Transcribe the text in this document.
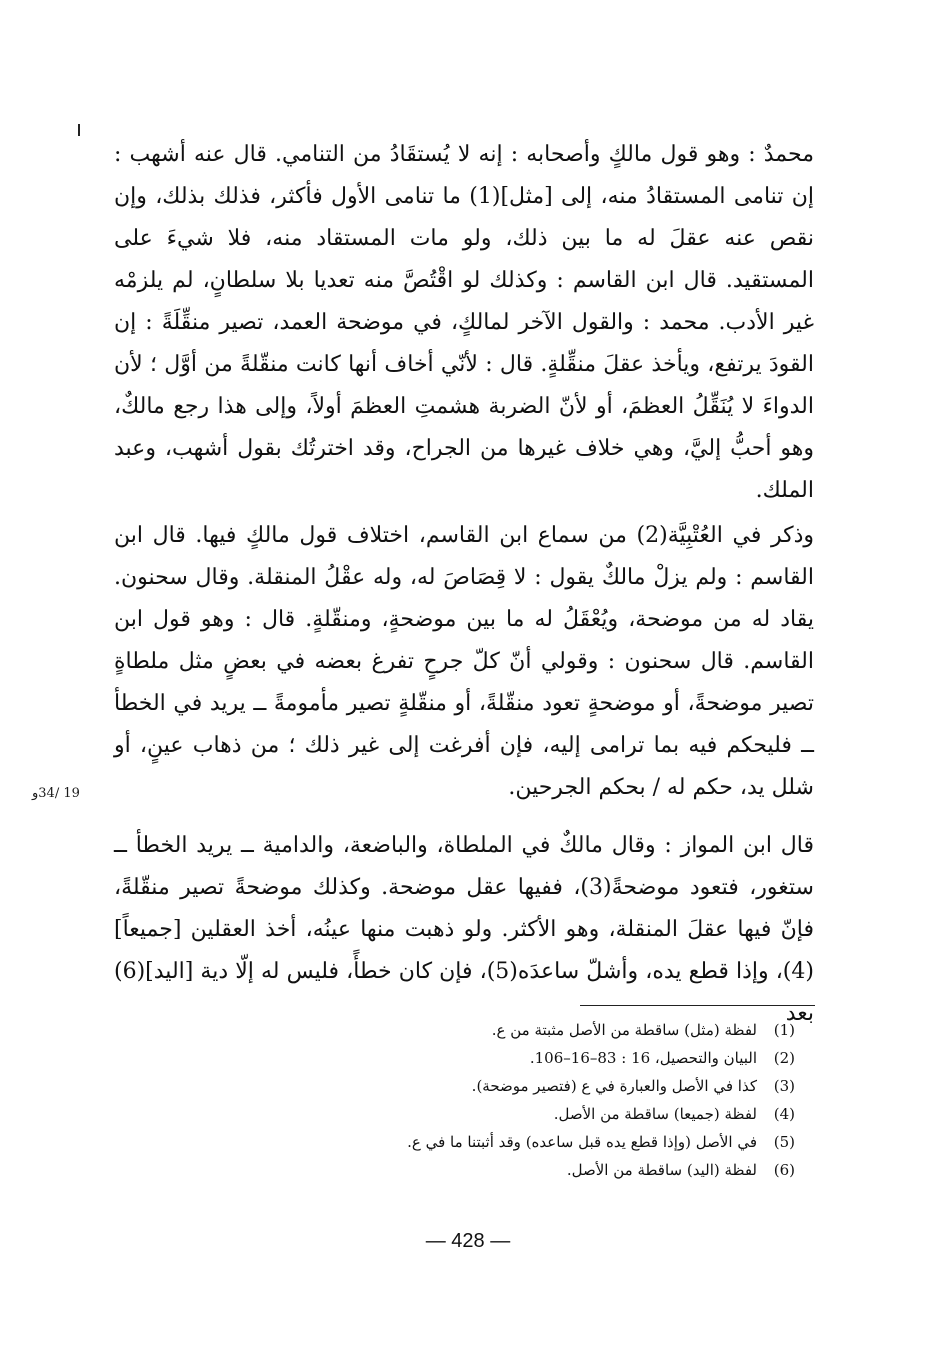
محمدٌ : وهو قول مالكٍ وأصحابه : إنه لا يُستقَادُ من التنامي. قال عنه أشهب : إن تنامى المستقادُ منه، إلى [مثل](1) ما تنامى الأول فأكثر، فذلك بذلك، وإن نقص عنه عقلَ له ما بين ذلك، ولو مات المستقاد منه، فلا شيءَ على المستقيد. قال ابن القاسم : وكذلك لو اقْتُصَّ منه تعديا بلا سلطانٍ، لم يلزمْه غير الأدب. محمد : والقول الآخر لمالكٍ، في موضحة العمد، تصير منقِّلَةً : إن القودَ يرتفع، ويأخذ عقلَ منقِّلةٍ. قال : لأنّي أخاف أنها كانت منقّلةً من أوَّل ؛ لأن الدواءَ لا يُنَقِّلُ العظمَ، أو لأنّ الضربة هشمتِ العظمَ أولاً، وإلى هذا رجع مالكٌ، وهو أحبُّ إليَّ، وهي خلاف غيرها من الجراح، وقد اخترتُك بقول أشهب، وعبد الملك.

وذكر في العُتْبِيَّة(2) من سماع ابن القاسم، اختلاف قول مالكٍ فيها. قال ابن القاسم : ولم يزلْ مالكٌ يقول : لا قِصَاصَ له، وله عقْلُ المنقلة. وقال سحنون. يقاد له من موضحة، ويُعْقَلُ له ما بين موضحةٍ، ومنقّلةٍ. قال : وهو قول ابن القاسم. قال سحنون : وقولي أنّ كلّ جرحٍ تفرغ بعضه في بعضٍ مثل ملطاةٍ تصير موضحةً، أو موضحةٍ تعود منقّلةً، أو منقّلةٍ تصير مأمومةً ــ يريد في الخطأ ــ فليحكم فيه بما ترامى إليه، فإن أفرغت إلى غير ذلك ؛ من ذهاب عينٍ، أو شلل يد، حكم له / بحكم الجرحين.

19 /34و

قال ابن المواز : وقال مالكٌ في الملطاة، والباضعة، والدامية ــ يريد الخطأ ــ ستغور، فتعود موضحةً(3)، ففيها عقل موضحة. وكذلك موضحةً تصير منقّلةً، فإنّ فيها عقلَ المنقلة، وهو الأكثر. ولو ذهبت منها عينُه، أخذ العقلين [جميعاً](4)، وإذا قطع يده، وأشلّ ساعدَه(5)، فإن كان خطأً، فليس له إلّا دية [اليد](6) بعد

(1)
لفظة (مثل) ساقطة من الأصل مثبتة من ع.
(2)
البيان والتحصيل، 16 : 83–16–106.
(3)
كذا في الأصل والعبارة في ع (فتصير موضحة).
(4)
لفظة (جميعا) ساقطة من الأصل.
(5)
في الأصل (وإذا قطع يده قبل ساعده) وقد أثبتنا ما في ع.
(6)
لفظة (اليد) ساقطة من الأصل.
— 428 —
